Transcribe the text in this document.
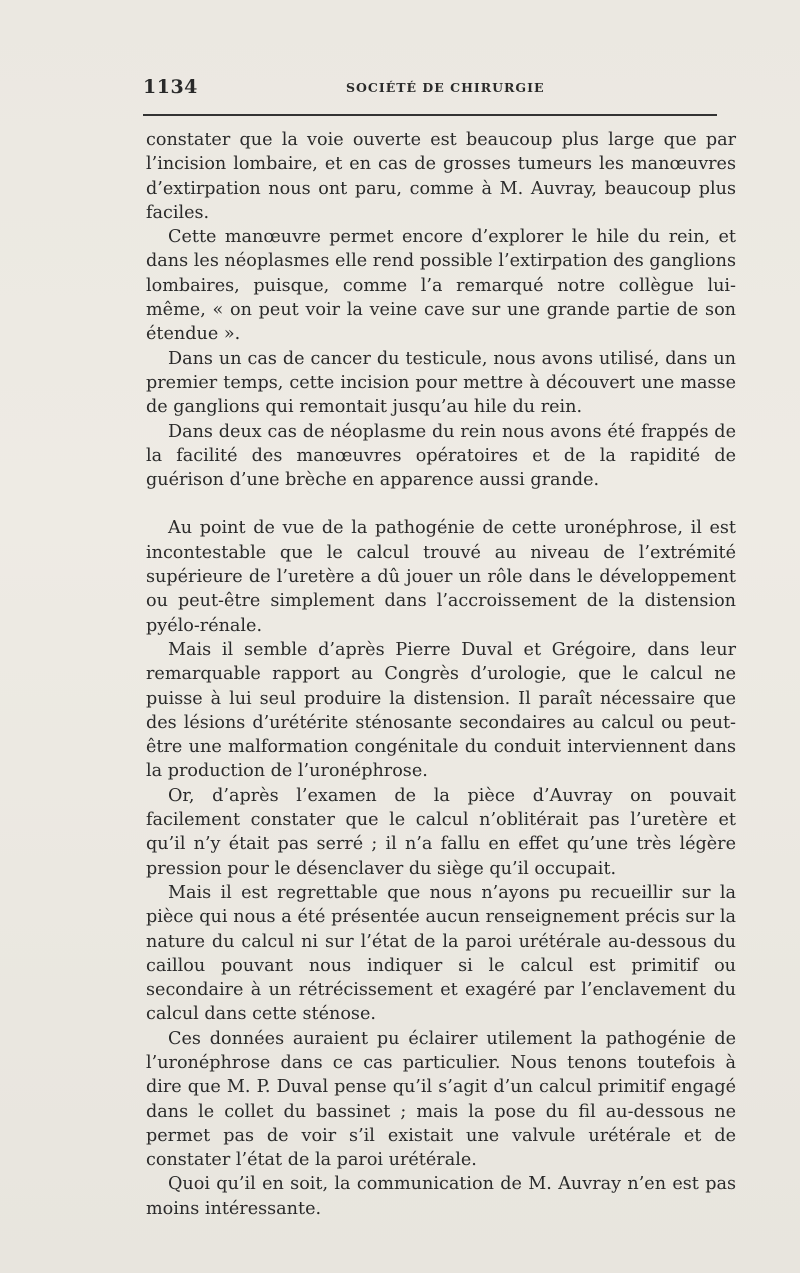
1134	SOCIÉTÉ DE CHIRURGIE

constater que la voie ouverte est beaucoup plus large que par l’incision lombaire, et en cas de grosses tumeurs les manœuvres d’extirpation nous ont paru, comme à M. Auvray, beaucoup plus faciles.

Cette manœuvre permet encore d’explorer le hile du rein, et dans les néoplasmes elle rend possible l’extirpation des ganglions lombaires, puisque, comme l’a remarqué notre collègue lui-même, « on peut voir la veine cave sur une grande partie de son étendue ».

Dans un cas de cancer du testicule, nous avons utilisé, dans un premier temps, cette incision pour mettre à découvert une masse de ganglions qui remontait jusqu’au hile du rein.

Dans deux cas de néoplasme du rein nous avons été frappés de la facilité des manœuvres opératoires et de la rapidité de guérison d’une brèche en apparence aussi grande.

Au point de vue de la pathogénie de cette uronéphrose, il est incontestable que le calcul trouvé au niveau de l’extrémité supérieure de l’uretère a dû jouer un rôle dans le développement ou peut-être simplement dans l’accroissement de la distension pyélo-rénale.

Mais il semble d’après Pierre Duval et Grégoire, dans leur remarquable rapport au Congrès d’urologie, que le calcul ne puisse à lui seul produire la distension. Il paraît nécessaire que des lésions d’urétérite sténosante secondaires au calcul ou peut-être une malformation congénitale du conduit interviennent dans la production de l’uronéphrose.

Or, d’après l’examen de la pièce d’Auvray on pouvait facilement constater que le calcul n’oblitérait pas l’uretère et qu’il n’y était pas serré ; il n’a fallu en effet qu’une très légère pression pour le désenclaver du siège qu’il occupait.

Mais il est regrettable que nous n’ayons pu recueillir sur la pièce qui nous a été présentée aucun renseignement précis sur la nature du calcul ni sur l’état de la paroi urétérale au-dessous du caillou pouvant nous indiquer si le calcul est primitif ou secondaire à un rétrécissement et exagéré par l’enclavement du calcul dans cette sténose.

Ces données auraient pu éclairer utilement la pathogénie de l’uronéphrose dans ce cas particulier. Nous tenons toutefois à dire que M. P. Duval pense qu’il s’agit d’un calcul primitif engagé dans le collet du bassinet ; mais la pose du fil au-dessous ne permet pas de voir s’il existait une valvule urétérale et de constater l’état de la paroi urétérale.

Quoi qu’il en soit, la communication de M. Auvray n’en est pas moins intéressante.
